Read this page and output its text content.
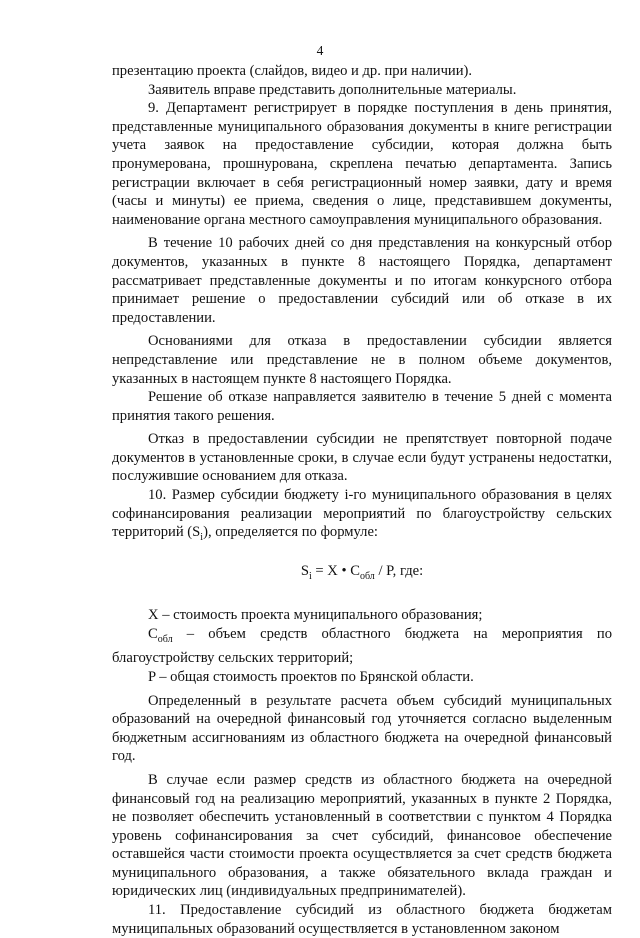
4

презентацию проекта (слайдов, видео и др. при наличии).

Заявитель вправе представить дополнительные материалы.

9. Департамент регистрирует в порядке поступления в день принятия, представленные муниципального образования документы в книге регистрации учета заявок на предоставление субсидии, которая должна быть пронумерована, прошнурована, скреплена печатью департамента. Запись регистрации включает в себя регистрационный номер заявки, дату и время (часы и минуты) ее приема, сведения о лице, представившем документы, наименование органа местного самоуправления муниципального образования.

В течение 10 рабочих дней со дня представления на конкурсный отбор документов, указанных в пункте 8 настоящего Порядка, департамент рассматривает представленные документы и по итогам конкурсного отбора принимает решение о предоставлении субсидий или об отказе в их предоставлении.

Основаниями для отказа в предоставлении субсидии является непредставление или представление не в полном объеме документов, указанных в настоящем пункте 8 настоящего Порядка.

Решение об отказе направляется заявителю в течение 5 дней с момента принятия такого решения.

Отказ в предоставлении субсидии не препятствует повторной подаче документов в установленные сроки, в случае если будут устранены недостатки, послужившие основанием для отказа.

10. Размер субсидии бюджету i-го муниципального образования в целях софинансирования реализации мероприятий по благоустройству сельских территорий $(S_i)$, определяется по формуле:

$S_i = X$ • $C_{обл}$ / P, где:

X – стоимость проекта муниципального образования;

$C_{обл}$ – объем средств областного бюджета на мероприятия по благоустройству сельских территорий;

P – общая стоимость проектов по Брянской области.

Определенный в результате расчета объем субсидий муниципальных образований на очередной финансовый год уточняется согласно выделенным бюджетным ассигнованиям из областного бюджета на очередной финансовый год.

В случае если размер средств из областного бюджета на очередной финансовый год на реализацию мероприятий, указанных в пункте 2 Порядка, не позволяет обеспечить установленный в соответствии с пунктом 4 Порядка уровень софинансирования за счет субсидий, финансовое обеспечение оставшейся части стоимости проекта осуществляется за счет средств бюджета муниципального образования, а также обязательного вклада граждан и юридических лиц (индивидуальных предпринимателей).

11. Предоставление субсидий из областного бюджета бюджетам муниципальных образований осуществляется в установленном законом
